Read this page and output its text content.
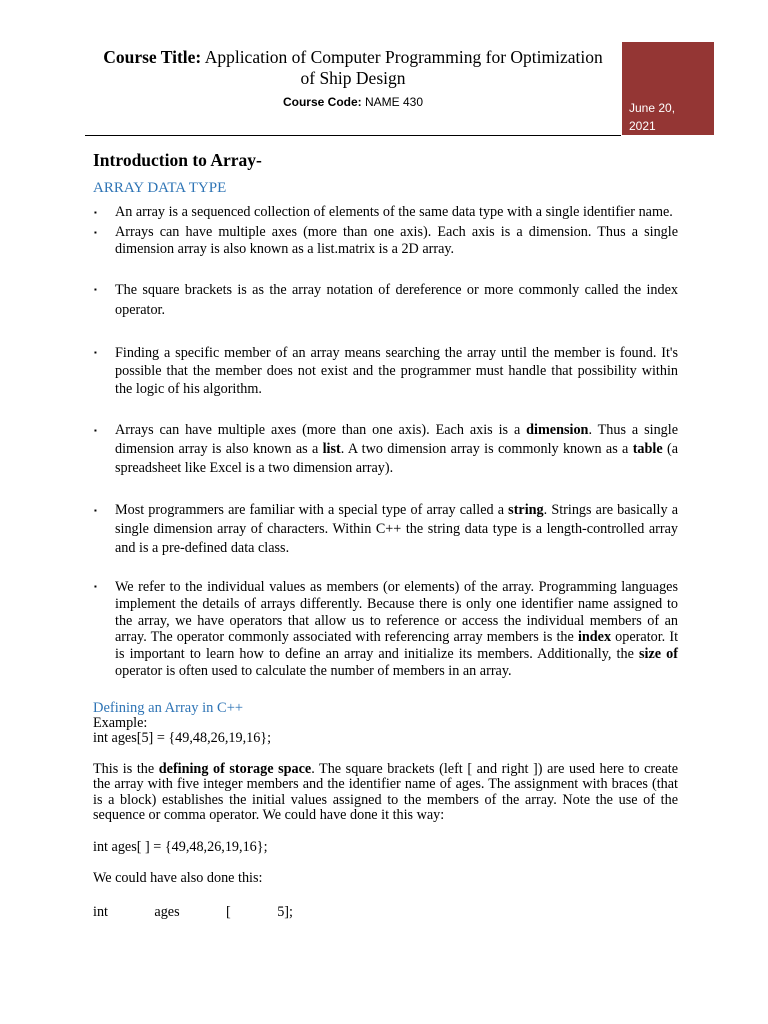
Course Title: Application of Computer Programming for Optimization
of Ship Design
Course Code: NAME 430	June 20,
2021
Introduction to Array-
ARRAY DATA TYPE
▪ An array is a sequenced collection of elements of the same data type with a single identifier name.
▪ Arrays can have multiple axes (more than one axis). Each axis is a dimension. Thus a single dimension array is also known as a list.matrix is a 2D array.
▪ The square brackets is as the array notation of dereference or more commonly called the index operator.
▪ Finding a specific member of an array means searching the array until the member is found. It's possible that the member does not exist and the programmer must handle that possibility within the logic of his algorithm.
▪ Arrays can have multiple axes (more than one axis). Each axis is a dimension. Thus a single dimension array is also known as a list. A two dimension array is commonly known as a table (a spreadsheet like Excel is a two dimension array).
▪ Most programmers are familiar with a special type of array called a string. Strings are basically a single dimension array of characters. Within C++ the string data type is a length-controlled array and is a pre-defined data class.
▪ We refer to the individual values as members (or elements) of the array. Programming languages implement the details of arrays differently. Because there is only one identifier name assigned to the array, we have operators that allow us to reference or access the individual members of an array. The operator commonly associated with referencing array members is the index operator. It is important to learn how to define an array and initialize its members. Additionally, the size of operator is often used to calculate the number of members in an array.
Defining an Array in C++

Example:

int ages[5] = {49,48,26,19,16};

This is the defining of storage space. The square brackets (left [ and right ]) are used here to create the array with five integer members and the identifier name of ages. The assignment with braces (that is a block) establishes the initial values assigned to the members of the array. Note the use of the sequence or comma operator. We could have done it this way:

int ages[ ] = {49,48,26,19,16};

We could have also done this:

int	ages	[	5];
